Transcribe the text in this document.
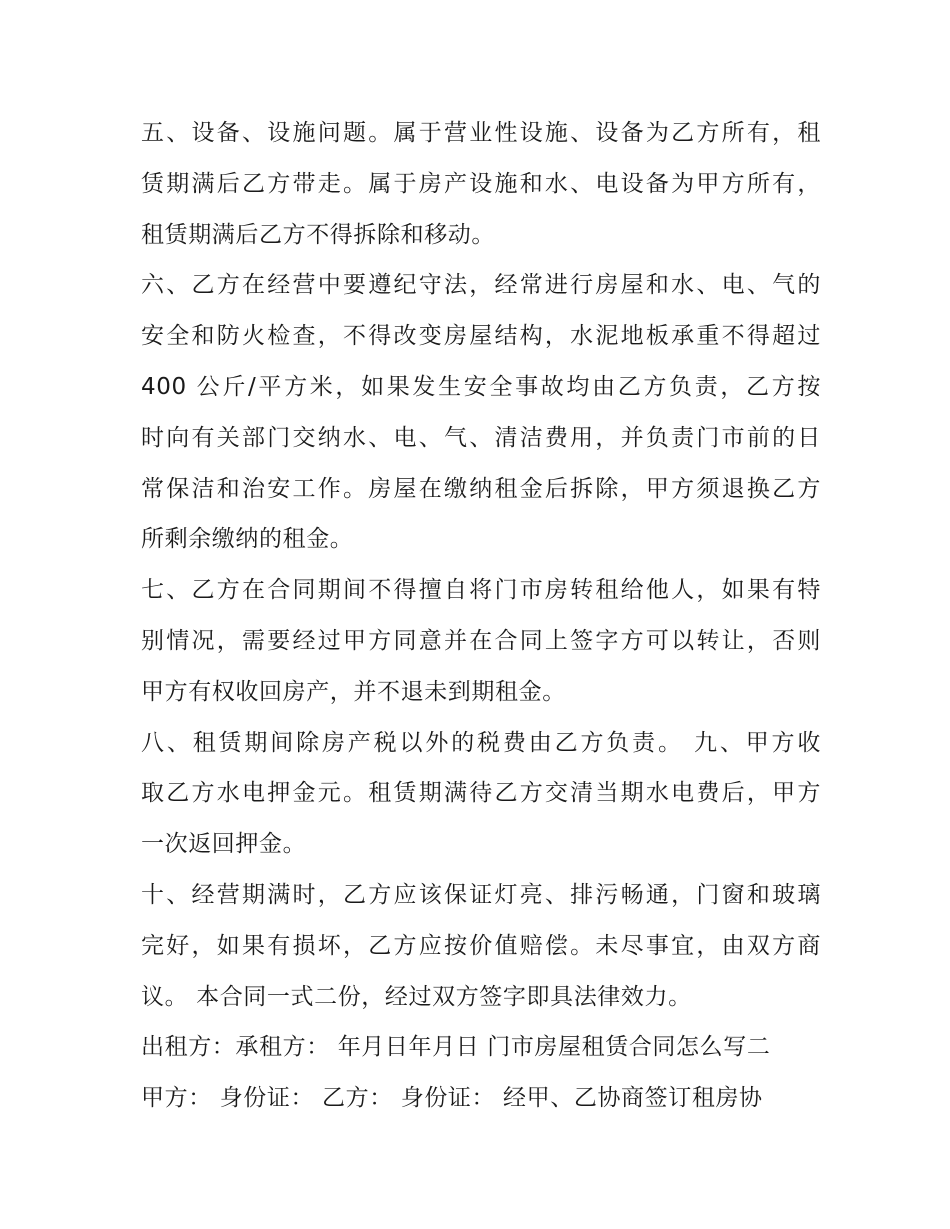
五、设备、设施问题。属于营业性设施、设备为乙方所有，租
赁期满后乙方带走。属于房产设施和水、电设备为甲方所有，
租赁期满后乙方不得拆除和移动。
六、乙方在经营中要遵纪守法，经常进行房屋和水、电、气的
安全和防火检查，不得改变房屋结构，水泥地板承重不得超过
400 公斤/平方米，如果发生安全事故均由乙方负责，乙方按
时向有关部门交纳水、电、气、清洁费用，并负责门市前的日
常保洁和治安工作。房屋在缴纳租金后拆除，甲方须退换乙方
所剩余缴纳的租金。
七、乙方在合同期间不得擅自将门市房转租给他人，如果有特
别情况，需要经过甲方同意并在合同上签字方可以转让，否则
甲方有权收回房产，并不退未到期租金。
八、租赁期间除房产税以外的税费由乙方负责。 九、甲方收
取乙方水电押金元。租赁期满待乙方交清当期水电费后，甲方
一次返回押金。
十、经营期满时，乙方应该保证灯亮、排污畅通，门窗和玻璃
完好，如果有损坏，乙方应按价值赔偿。未尽事宜，由双方商
议。 本合同一式二份，经过双方签字即具法律效力。
出租方：承租方： 年月日年月日 门市房屋租赁合同怎么写二
甲方： 身份证： 乙方： 身份证： 经甲、乙协商签订租房协
